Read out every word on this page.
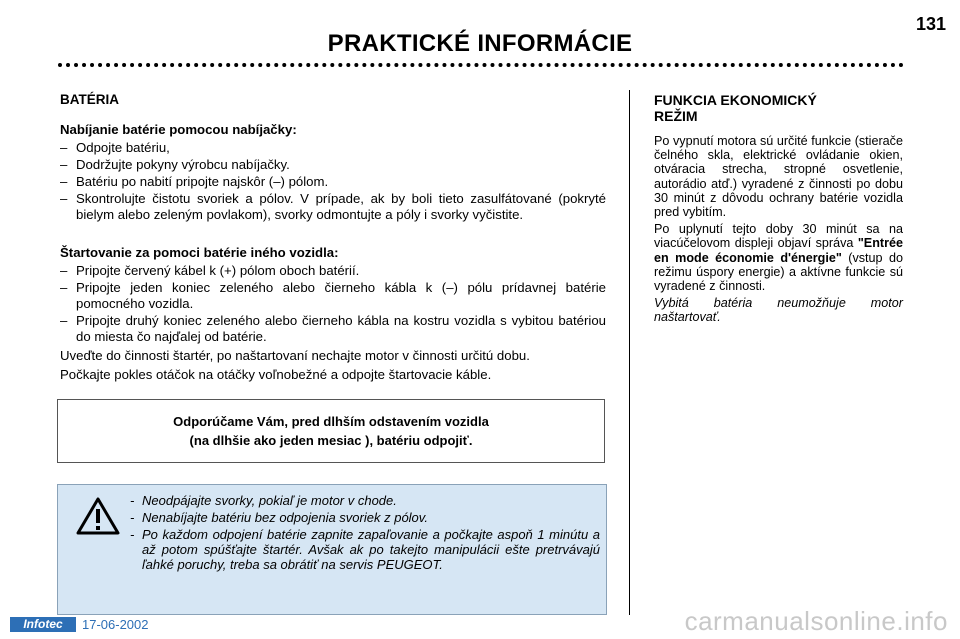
131
PRAKTICKÉ INFORMÁCIE
BATÉRIA
Nabíjanie batérie pomocou nabíjačky:
– Odpojte batériu,
– Dodržujte pokyny výrobcu nabíjačky.
– Batériu po nabití pripojte najskôr (–) pólom.
– Skontrolujte čistotu svoriek a pólov. V prípade, ak by boli tieto zasulfátované (pokryté bielym alebo zeleným povlakom), svorky odmontujte a póly i svorky vyčistite.
Štartovanie za pomoci batérie iného vozidla:
– Pripojte červený kábel k (+) pólom oboch batérií.
– Pripojte jeden koniec zeleného alebo čierneho kábla k (–) pólu prídavnej batérie pomocného vozidla.
– Pripojte druhý koniec zeleného alebo čierneho kábla na kostru vozidla s vybitou batériou do miesta čo najďalej od batérie.

Uveďte do činnosti štartér, po naštartovaní nechajte motor v činnosti určitú dobu.

Počkajte pokles otáčok na otáčky voľnobežné a odpojte štartovacie káble.

Odporúčame Vám, pred dlhším odstavením vozidla
(na dlhšie ako jeden mesiac ), batériu odpojiť.
- Neodpájajte svorky, pokiaľ je motor v chode.
- Nenabíjajte batériu bez odpojenia svoriek z pólov.
- Po každom odpojení batérie zapnite zapaľovanie a počkajte aspoň 1 minútu a až potom spúšťajte štartér. Avšak ak po takejto manipulácii ešte pretrvávajú ľahké poruchy, treba sa obrátiť na servis PEUGEOT.
FUNKCIA EKONOMICKÝ
REŽIM

Po vypnutí motora sú určité funkcie (stierače čelného skla, elektrické ovládanie okien, otváracia strecha, stropné osvetlenie, autorádio atď.) vyradené z činnosti po dobu 30 minút z dôvodu ochrany batérie vozidla pred vybitím.

Po uplynutí tejto doby 30 minút sa na viacúčelovom displeji objaví správa "Entrée en mode économie d'énergie" (vstup do režimu úspory energie) a aktívne funkcie sú vyradené z činnosti.

Vybitá batéria neumožňuje motor naštartovať.

Infotec	17-06-2002	carmanualsonline.info
